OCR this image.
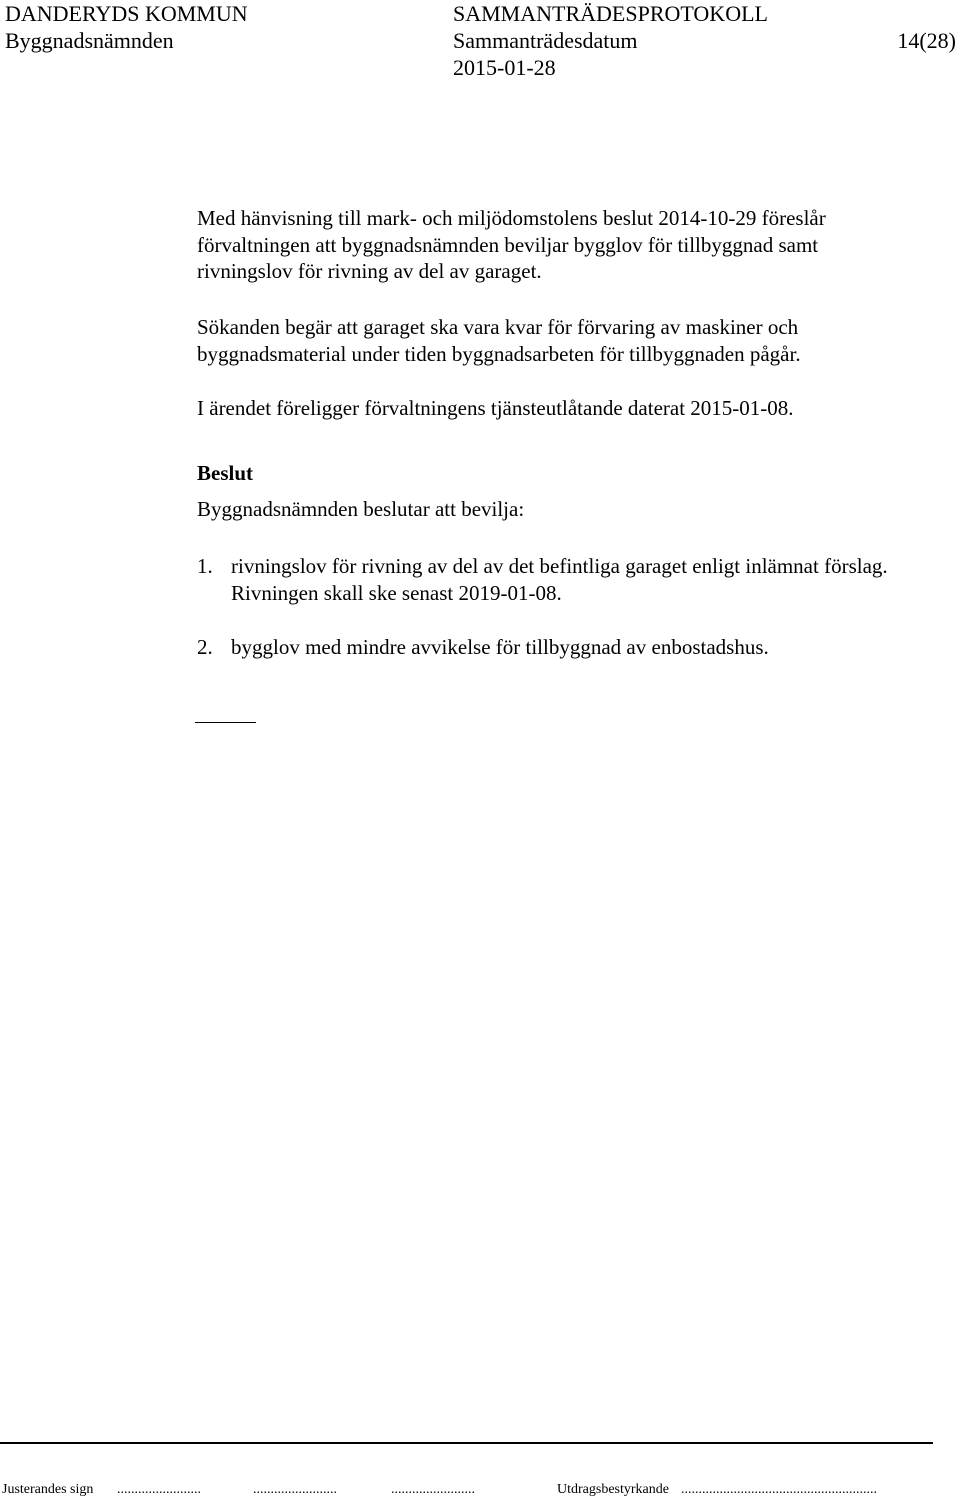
DANDERYDS KOMMUN
Byggnadsnämnden
SAMMANTRÄDESPROTOKOLL
Sammanträdesdatum
2015-01-28
14(28)

Med hänvisning till mark- och miljödomstolens beslut 2014-10-29 föreslår förvaltningen att byggnadsnämnden beviljar bygglov för tillbyggnad samt rivningslov för rivning av del av garaget.

Sökanden begär att garaget ska vara kvar för förvaring av maskiner och byggnadsmaterial under tiden byggnadsarbeten för tillbyggnaden pågår.

I ärendet föreligger förvaltningens tjänsteutlåtande daterat 2015-01-08.

Beslut

Byggnadsnämnden beslutar att bevilja:

1. rivningslov för rivning av del av det befintliga garaget enligt inlämnat förslag. Rivningen skall ske senast 2019-01-08.
2. bygglov med mindre avvikelse för tillbyggnad av enbostadshus.
Justerandes sign ........................	........................	........................	Utdragsbestyrkande ........................................................
